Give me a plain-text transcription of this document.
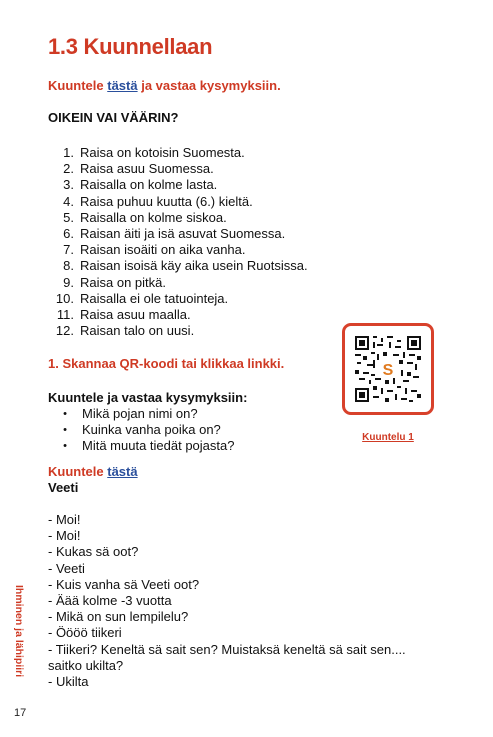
1.3 Kuunnellaan
Kuuntele tästä ja vastaa kysymyksiin.

OIKEIN VAI VÄÄRIN?

1. Raisa on kotoisin Suomesta.
2. Raisa asuu Suomessa.
3. Raisalla on kolme lasta.
4. Raisa puhuu kuutta (6.) kieltä.
5. Raisalla on kolme siskoa.
6. Raisan äiti ja isä asuvat Suomessa.
7. Raisan isoäiti on aika vanha.
8. Raisan isoisä käy aika usein Ruotsissa.
9. Raisa on pitkä.
10. Raisalla ei ole tatuointeja.
11. Raisa asuu maalla.
12. Raisan talo on uusi.
1. Skannaa QR-koodi tai klikkaa linkki.	S
Kuuntelu 1

Kuuntele ja vastaa kysymyksiin:

•	Mikä pojan nimi on?
•	Kuinka vanha poika on?
•	Mitä muuta tiedät pojasta?
Kuuntele tästä

Veeti

- Moi!
- Moi!
- Kukas sä oot?
- Veeti
- Kuis vanha sä Veeti oot?
- Äää kolme -3 vuotta
- Mikä on sun lempilelu?
- Öööö tiikeri
- Tiikeri? Keneltä sä sait sen? Muistaksä keneltä sä sait sen....
saitko ukilta?
- Ukilta
Ihminen ja lähipiiri
17
